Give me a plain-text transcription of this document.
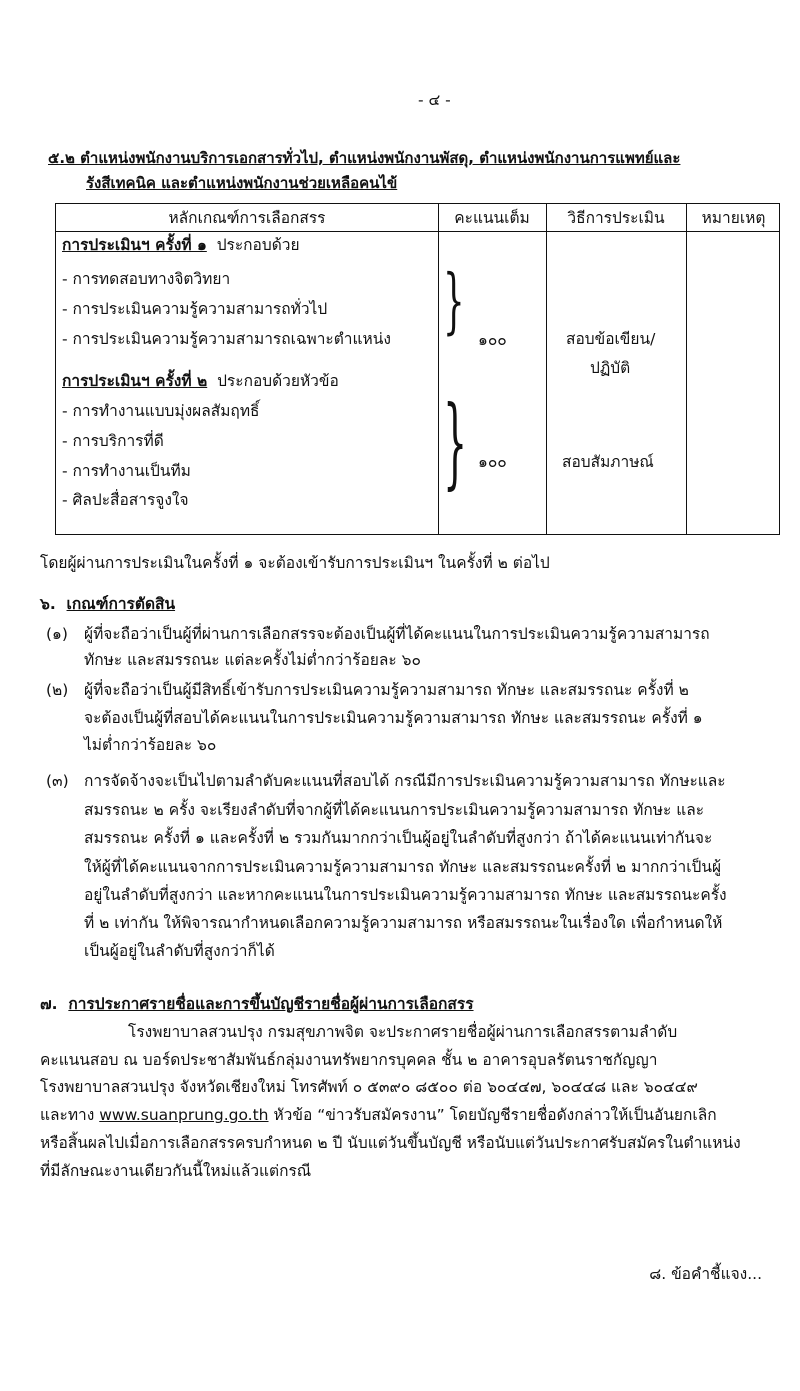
- ๔ -
๕.๒ ตำแหน่งพนักงานบริการเอกสารทั่วไป, ตำแหน่งพนักงานพัสดุ, ตำแหน่งพนักงานการแพทย์และ
รังสีเทคนิค และตำแหน่งพนักงานช่วยเหลือคนไข้
หลักเกณฑ์การเลือกสรร	คะแนนเต็ม	วิธีการประเมิน	หมายเหตุ
การประเมินฯ ครั้งที่ ๑ ประกอบด้วย
- การทดสอบทางจิตวิทยา
- การประเมินความรู้ความสามารถทั่วไป
- การประเมินความรู้ความสามารถเฉพาะตำแหน่ง } ๑๐๐	สอบข้อเขียน/
ปฏิบัติ
การประเมินฯ ครั้งที่ ๒ ประกอบด้วยหัวข้อ
- การทำงานแบบมุ่งผลสัมฤทธิ์
- การบริการที่ดี
- การทำงานเป็นทีม
- ศิลปะสื่อสารจูงใจ
} ๑๐๐	สอบสัมภาษณ์
โดยผู้ผ่านการประเมินในครั้งที่ ๑ จะต้องเข้ารับการประเมินฯ ในครั้งที่ ๒ ต่อไป
๖. เกณฑ์การตัดสิน
(๑) ผู้ที่จะถือว่าเป็นผู้ที่ผ่านการเลือกสรรจะต้องเป็นผู้ที่ได้คะแนนในการประเมินความรู้ความสามารถ
ทักษะ และสมรรถนะ แต่ละครั้งไม่ต่ำกว่าร้อยละ ๖๐
(๒) ผู้ที่จะถือว่าเป็นผู้มีสิทธิ์เข้ารับการประเมินความรู้ความสามารถ ทักษะ และสมรรถนะ ครั้งที่ ๒
จะต้องเป็นผู้ที่สอบได้คะแนนในการประเมินความรู้ความสามารถ ทักษะ และสมรรถนะ ครั้งที่ ๑
ไม่ต่ำกว่าร้อยละ ๖๐
(๓) การจัดจ้างจะเป็นไปตามลำดับคะแนนที่สอบได้ กรณีมีการประเมินความรู้ความสามารถ ทักษะและ
สมรรถนะ ๒ ครั้ง จะเรียงลำดับที่จากผู้ที่ได้คะแนนการประเมินความรู้ความสามารถ ทักษะ และ
สมรรถนะ ครั้งที่ ๑ และครั้งที่ ๒ รวมกันมากกว่าเป็นผู้อยู่ในลำดับที่สูงกว่า ถ้าได้คะแนนเท่ากันจะ
ให้ผู้ที่ได้คะแนนจากการประเมินความรู้ความสามารถ ทักษะ และสมรรถนะครั้งที่ ๒ มากกว่าเป็นผู้
อยู่ในลำดับที่สูงกว่า และหากคะแนนในการประเมินความรู้ความสามารถ ทักษะ และสมรรถนะครั้ง
ที่ ๒ เท่ากัน ให้พิจารณากำหนดเลือกความรู้ความสามารถ หรือสมรรถนะในเรื่องใด เพื่อกำหนดให้
เป็นผู้อยู่ในลำดับที่สูงกว่าก็ได้
๗. การประกาศรายชื่อและการขึ้นบัญชีรายชื่อผู้ผ่านการเลือกสรร
โรงพยาบาลสวนปรุง กรมสุขภาพจิต จะประกาศรายชื่อผู้ผ่านการเลือกสรรตามลำดับ
คะแนนสอบ ณ บอร์ดประชาสัมพันธ์กลุ่มงานทรัพยากรบุคคล ชั้น ๒ อาคารอุบลรัตนราชกัญญา
โรงพยาบาลสวนปรุง จังหวัดเชียงใหม่ โทรศัพท์ ๐ ๕๓๙๐ ๘๕๐๐ ต่อ ๖๐๔๔๗, ๖๐๔๔๘ และ ๖๐๔๔๙
และทาง www.suanprung.go.th หัวข้อ “ข่าวรับสมัครงาน” โดยบัญชีรายชื่อดังกล่าวให้เป็นอันยกเลิก
หรือสิ้นผลไปเมื่อการเลือกสรรครบกำหนด ๒ ปี นับแต่วันขึ้นบัญชี หรือนับแต่วันประกาศรับสมัครในตำแหน่ง
ที่มีลักษณะงานเดียวกันนี้ใหม่แล้วแต่กรณี
๘. ข้อคำชี้แจง...
